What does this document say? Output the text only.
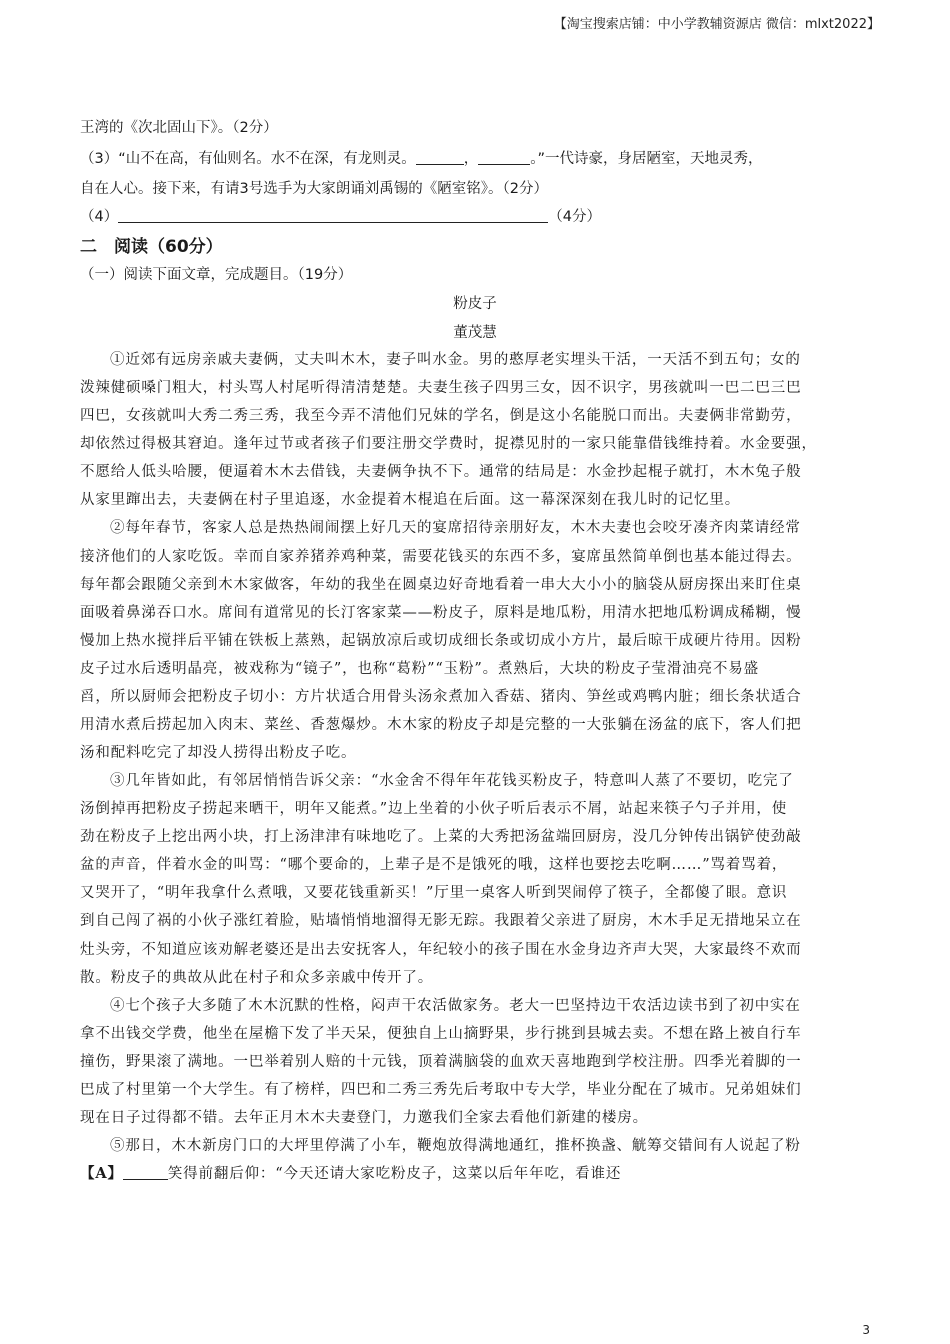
【淘宝搜索店铺：中小学教辅资源店 微信：mlxt2022】
王湾的《次北固山下》。（2分）
（3）“山不在高，有仙则名。水不在深，有龙则灵。	，	。”一代诗豪，身居陋室，天地灵秀，
自在人心。接下来，有请3号选手为大家朗诵刘禹锡的《陋室铭》。（2分）
（4）	（4分）
二　阅读（60分）
（一）阅读下面文章，完成题目。（19分）
粉皮子
董茂慧
①近郊有远房亲戚夫妻俩，丈夫叫木木，妻子叫水金。男的憨厚老实埋头干活，一天活不到五句；女的
泼辣健硕嗓门粗大，村头骂人村尾听得清清楚楚。夫妻生孩子四男三女，因不识字，男孩就叫一巴二巴三巴
四巴，女孩就叫大秀二秀三秀，我至今弄不清他们兄妹的学名，倒是这小名能脱口而出。夫妻俩非常勤劳，
却依然过得极其窘迫。逢年过节或者孩子们要注册交学费时，捉襟见肘的一家只能靠借钱维持着。水金要强，
不愿给人低头哈腰，便逼着木木去借钱，夫妻俩争执不下。通常的结局是：水金抄起棍子就打，木木兔子般
从家里蹿出去，夫妻俩在村子里追逐，水金提着木棍追在后面。这一幕深深刻在我儿时的记忆里。
②每年春节，客家人总是热热闹闹摆上好几天的宴席招待亲朋好友，木木夫妻也会咬牙凑齐肉菜请经常
接济他们的人家吃饭。幸而自家养猪养鸡种菜，需要花钱买的东西不多，宴席虽然简单倒也基本能过得去。
每年都会跟随父亲到木木家做客，年幼的我坐在圆桌边好奇地看着一串大大小小的脑袋从厨房探出来盯住桌
面吸着鼻涕吞口水。席间有道常见的长汀客家菜——粉皮子，原料是地瓜粉，用清水把地瓜粉调成稀糊，慢
慢加上热水搅拌后平铺在铁板上蒸熟，起锅放凉后或切成细长条或切成小方片，最后晾干成硬片待用。因粉
皮子过水后透明晶亮，被戏称为“镜子”，也称“葛粉”“玉粉”。煮熟后，大块的粉皮子莹滑油亮不易盛
舀，所以厨师会把粉皮子切小：方片状适合用骨头汤汆煮加入香菇、猪肉、笋丝或鸡鸭内脏；细长条状适合
用清水煮后捞起加入肉末、菜丝、香葱爆炒。木木家的粉皮子却是完整的一大张躺在汤盆的底下，客人们把
汤和配料吃完了却没人捞得出粉皮子吃。
③几年皆如此，有邻居悄悄告诉父亲：“水金舍不得年年花钱买粉皮子，特意叫人蒸了不要切，吃完了
汤倒掉再把粉皮子捞起来晒干，明年又能煮。”边上坐着的小伙子听后表示不屑，站起来筷子勺子并用，使
劲在粉皮子上挖出两小块，打上汤津津有味地吃了。上菜的大秀把汤盆端回厨房，没几分钟传出锅铲使劲敲
盆的声音，伴着水金的叫骂：“哪个要命的，上辈子是不是饿死的哦，这样也要挖去吃啊……”骂着骂着，
又哭开了，“明年我拿什么煮哦，又要花钱重新买！”厅里一桌客人听到哭闹停了筷子，全都傻了眼。意识
到自己闯了祸的小伙子涨红着脸，贴墙悄悄地溜得无影无踪。我跟着父亲进了厨房，木木手足无措地呆立在
灶头旁，不知道应该劝解老婆还是出去安抚客人，年纪较小的孩子围在水金身边齐声大哭，大家最终不欢而
散。粉皮子的典故从此在村子和众多亲戚中传开了。
④七个孩子大多随了木木沉默的性格，闷声干农活做家务。老大一巴坚持边干农活边读书到了初中实在
拿不出钱交学费，他坐在屋檐下发了半天呆，便独自上山摘野果，步行挑到县城去卖。不想在路上被自行车
撞伤，野果滚了满地。一巴举着别人赔的十元钱，顶着满脑袋的血欢天喜地跑到学校注册。四季光着脚的一
巴成了村里第一个大学生。有了榜样，四巴和二秀三秀先后考取中专大学，毕业分配在了城市。兄弟姐妹们
现在日子过得都不错。去年正月木木夫妻登门，力邀我们全家去看他们新建的楼房。
⑤那日，木木新房门口的大坪里停满了小车，鞭炮放得满地通红，推杯换盏、觥筹交错间有人说起了粉
【A】	笑得前翻后仰：“今天还请大家吃粉皮子，这菜以后年年吃，看谁还
3
